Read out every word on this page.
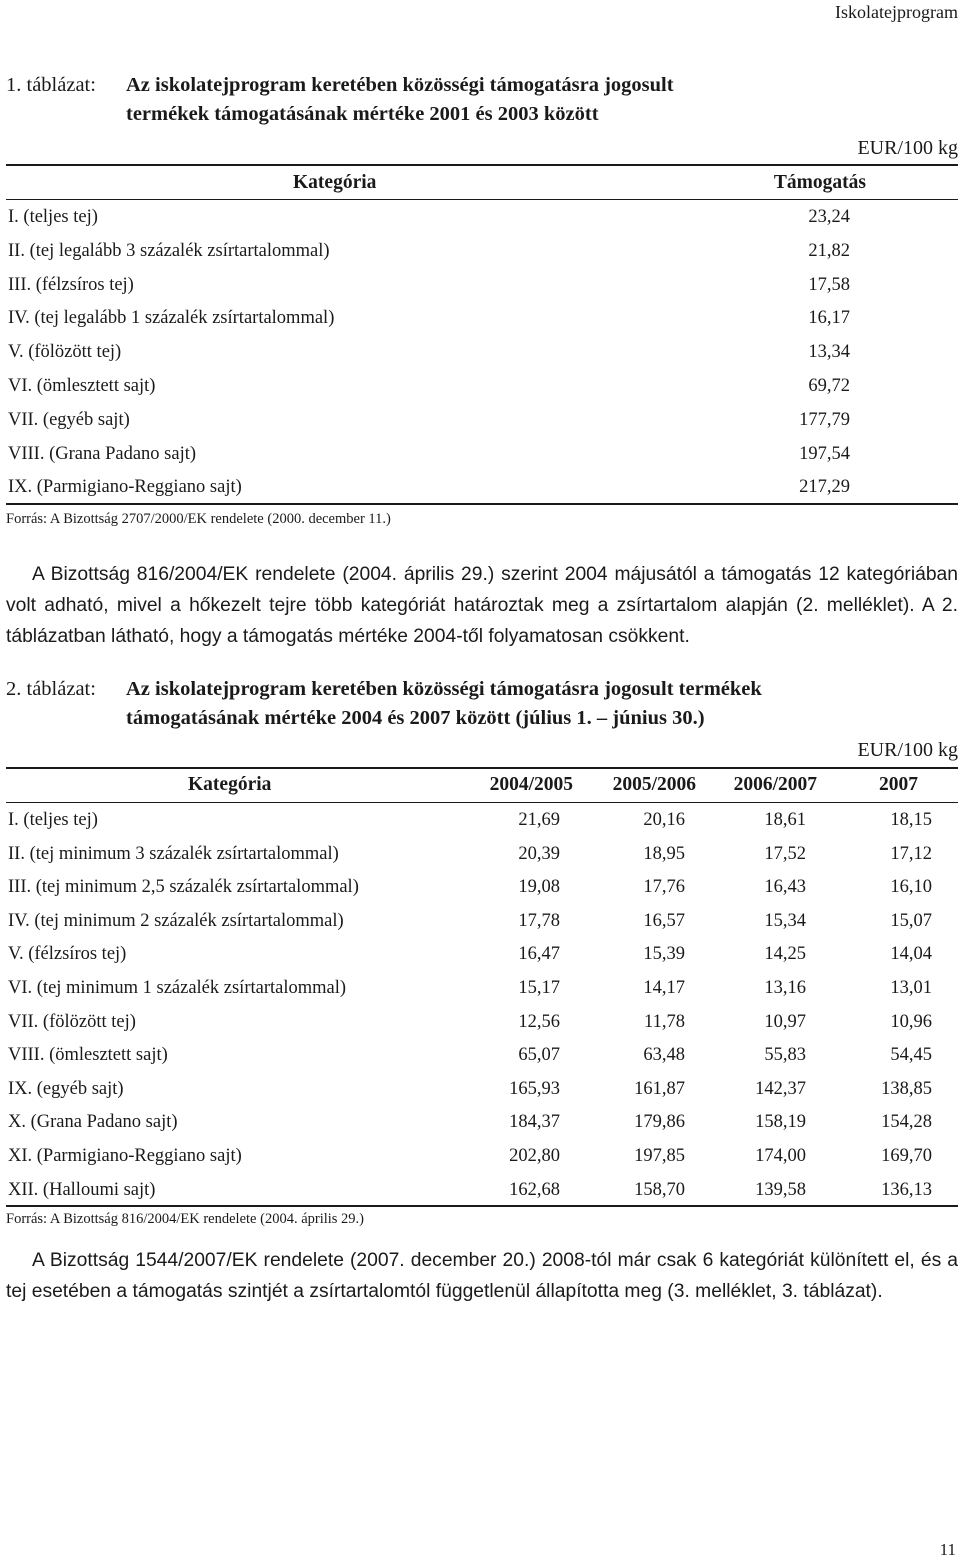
Iskolatejprogram
1. táblázat: Az iskolatejprogram keretében közösségi támogatásra jogosult
termékek támogatásának mértéke 2001 és 2003 között
EUR/100 kg
Kategória	Támogatás
I. (teljes tej)	23,24
II. (tej legalább 3 százalék zsírtartalommal)	21,82
III. (félzsíros tej)	17,58
IV. (tej legalább 1 százalék zsírtartalommal)	16,17
V. (fölözött tej)	13,34
VI. (ömlesztett sajt)	69,72
VII. (egyéb sajt)	177,79
VIII. (Grana Padano sajt)	197,54
IX. (Parmigiano-Reggiano sajt)	217,29
Forrás: A Bizottság 2707/2000/EK rendelete (2000. december 11.)

A Bizottság 816/2004/EK rendelete (2004. április 29.) szerint 2004 májusától a támogatás 12 kategóriában volt adható, mivel a hőkezelt tejre több kategóriát határoztak meg a zsírtartalom alapján (2. melléklet). A 2. táblázatban látható, hogy a támogatás mértéke 2004-től folyamatosan csökkent.

2. táblázat: Az iskolatejprogram keretében közösségi támogatásra jogosult termékek
támogatásának mértéke 2004 és 2007 között (július 1. – június 30.)
EUR/100 kg
Kategória	2004/2005 2005/2006 2006/2007	2007
I. (teljes tej)	21,69	20,16	18,61	18,15
II. (tej minimum 3 százalék zsírtartalommal)	20,39	18,95	17,52	17,12
III. (tej minimum 2,5 százalék zsírtartalommal)	19,08	17,76	16,43	16,10
IV. (tej minimum 2 százalék zsírtartalommal)	17,78	16,57	15,34	15,07
V. (félzsíros tej)	16,47	15,39	14,25	14,04
VI. (tej minimum 1 százalék zsírtartalommal)	15,17	14,17	13,16	13,01
VII. (fölözött tej)	12,56	11,78	10,97	10,96
VIII. (ömlesztett sajt)	65,07	63,48	55,83	54,45
IX. (egyéb sajt)	165,93	161,87	142,37	138,85
X. (Grana Padano sajt)	184,37	179,86	158,19	154,28
XI. (Parmigiano-Reggiano sajt)	202,80	197,85	174,00	169,70
XII. (Halloumi sajt)	162,68	158,70	139,58	136,13
Forrás: A Bizottság 816/2004/EK rendelete (2004. április 29.)

A Bizottság 1544/2007/EK rendelete (2007. december 20.) 2008-tól már csak 6 kategóriát különített el, és a tej esetében a támogatás szintjét a zsírtartalomtól függetlenül állapította meg (3. melléklet, 3. táblázat).

11
